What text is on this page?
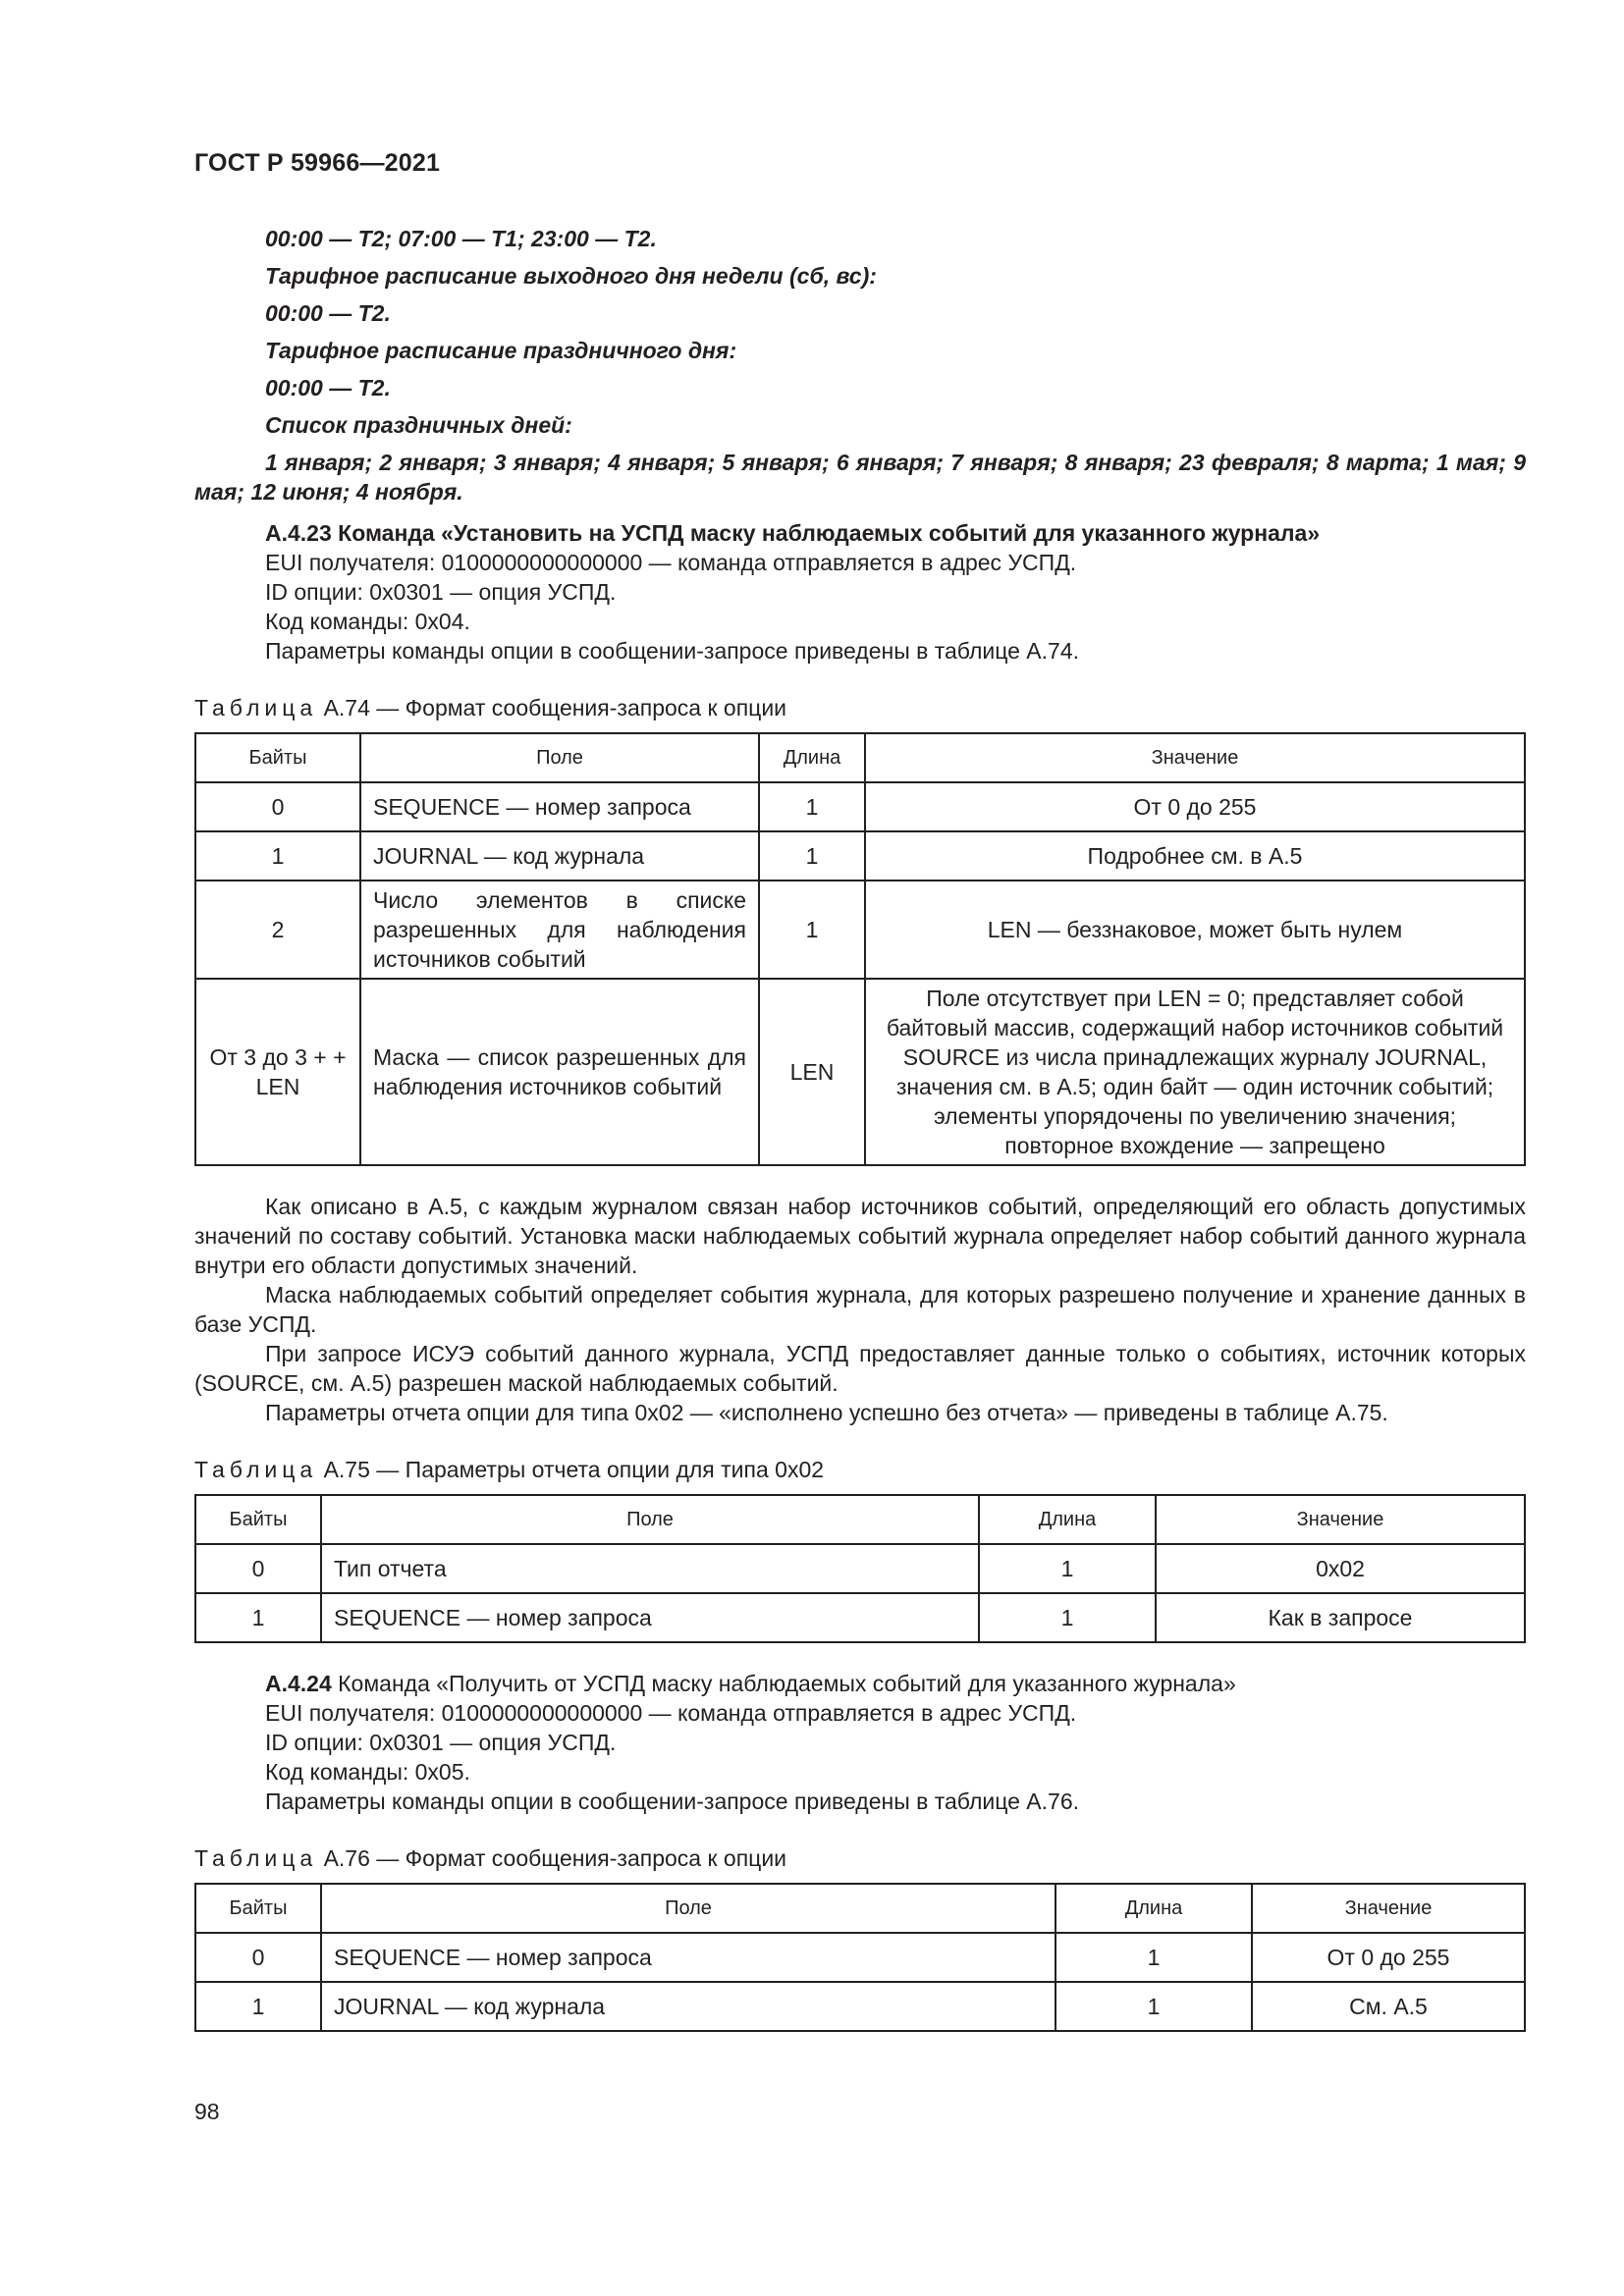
ГОСТ Р 59966—2021

00:00 — Т2; 07:00 — Т1; 23:00 — Т2.

Тарифное расписание выходного дня недели (сб, вс):

00:00 — Т2.

Тарифное расписание праздничного дня:

00:00 — Т2.

Список праздничных дней:

1 января; 2 января; 3 января; 4 января; 5 января; 6 января; 7 января; 8 января; 23 февраля; 8 марта; 1 мая; 9 мая; 12 июня; 4 ноября.

А.4.23 Команда «Установить на УСПД маску наблюдаемых событий для указанного журнала»

EUI получателя: 0100000000000000 — команда отправляется в адрес УСПД.

ID опции: 0x0301 — опция УСПД.

Код команды: 0x04.

Параметры команды опции в сообщении-запросе приведены в таблице А.74.

Таблица А.74 — Формат сообщения-запроса к опции
Байты	Поле	Длина	Значение
0	SEQUENCE — номер запроса	1	От 0 до 255
1	JOURNAL — код журнала	1	Подробнее см. в А.5
2	Число элементов в списке разрешенных для наблюдения источников событий	1	LEN — беззнаковое, может быть нулем
От 3 до 3 + + LEN	Маска — список разрешенных для наблюдения источников событий	LEN	Поле отсутствует при LEN = 0; представляет собой байтовый массив, содержащий набор источников событий SOURCE из числа принадлежащих журналу JOURNAL, значения см. в А.5; один байт — один источник событий; элементы упорядочены по увеличению значения; повторное вхождение — запрещено

Как описано в А.5, с каждым журналом связан набор источников событий, определяющий его область допустимых значений по составу событий. Установка маски наблюдаемых событий журнала определяет набор событий данного журнала внутри его области допустимых значений.

Маска наблюдаемых событий определяет события журнала, для которых разрешено получение и хранение данных в базе УСПД.

При запросе ИСУЭ событий данного журнала, УСПД предоставляет данные только о событиях, источник которых (SOURCE, см. А.5) разрешен маской наблюдаемых событий.

Параметры отчета опции для типа 0x02 — «исполнено успешно без отчета» — приведены в таблице А.75.

Таблица А.75 — Параметры отчета опции для типа 0x02
Байты	Поле	Длина	Значение
0	Тип отчета	1	0x02
1	SEQUENCE — номер запроса	1	Как в запросе

А.4.24 Команда «Получить от УСПД маску наблюдаемых событий для указанного журнала»

EUI получателя: 0100000000000000 — команда отправляется в адрес УСПД.

ID опции: 0x0301 — опция УСПД.

Код команды: 0x05.

Параметры команды опции в сообщении-запросе приведены в таблице А.76.

Таблица А.76 — Формат сообщения-запроса к опции
Байты	Поле	Длина	Значение
0	SEQUENCE — номер запроса	1	От 0 до 255
1	JOURNAL — код журнала	1	См. А.5
98
